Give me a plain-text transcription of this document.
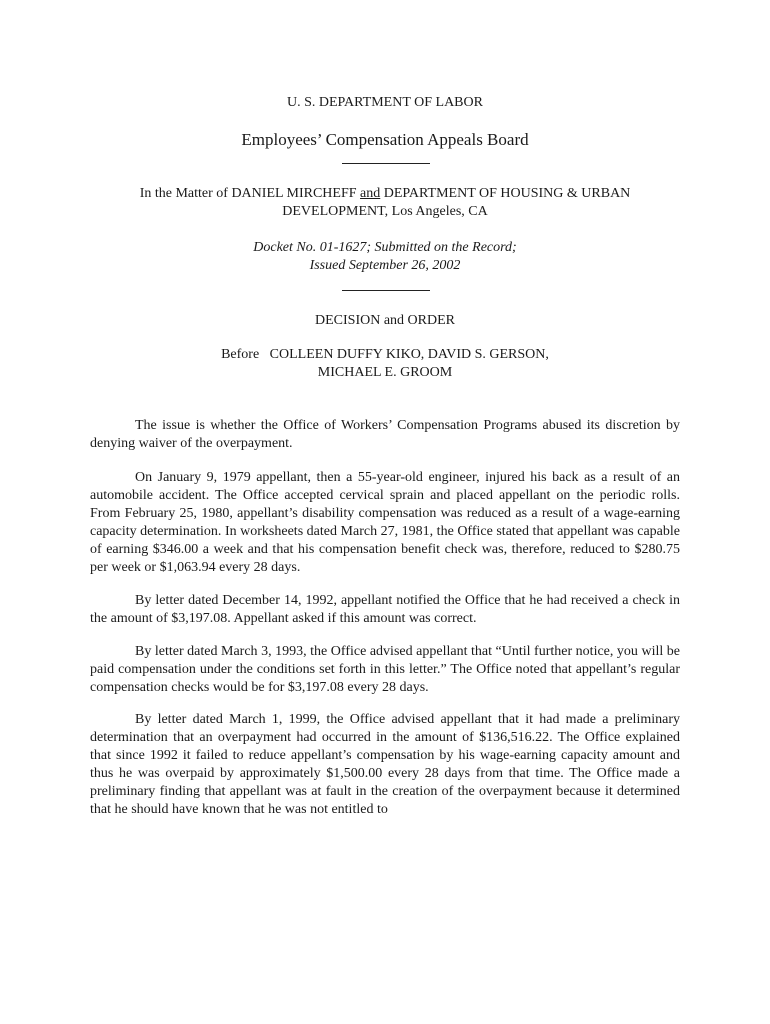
U. S. DEPARTMENT OF LABOR
Employees’ Compensation Appeals Board
In the Matter of DANIEL MIRCHEFF and DEPARTMENT OF HOUSING & URBAN
DEVELOPMENT, Los Angeles, CA
Docket No. 01-1627; Submitted on the Record;
Issued September 26, 2002
DECISION and ORDER
Before   COLLEEN DUFFY KIKO, DAVID S. GERSON,
MICHAEL E. GROOM

The issue is whether the Office of Workers’ Compensation Programs abused its discretion by denying waiver of the overpayment.

On January 9, 1979 appellant, then a 55-year-old engineer, injured his back as a result of an automobile accident. The Office accepted cervical sprain and placed appellant on the periodic rolls. From February 25, 1980, appellant’s disability compensation was reduced as a result of a wage-earning capacity determination. In worksheets dated March 27, 1981, the Office stated that appellant was capable of earning $346.00 a week and that his compensation benefit check was, therefore, reduced to $280.75 per week or $1,063.94 every 28 days.

By letter dated December 14, 1992, appellant notified the Office that he had received a check in the amount of $3,197.08. Appellant asked if this amount was correct.

By letter dated March 3, 1993, the Office advised appellant that “Until further notice, you will be paid compensation under the conditions set forth in this letter.” The Office noted that appellant’s regular compensation checks would be for $3,197.08 every 28 days.

By letter dated March 1, 1999, the Office advised appellant that it had made a preliminary determination that an overpayment had occurred in the amount of $136,516.22. The Office explained that since 1992 it failed to reduce appellant’s compensation by his wage-earning capacity amount and thus he was overpaid by approximately $1,500.00 every 28 days from that time. The Office made a preliminary finding that appellant was at fault in the creation of the overpayment because it determined that he should have known that he was not entitled to
